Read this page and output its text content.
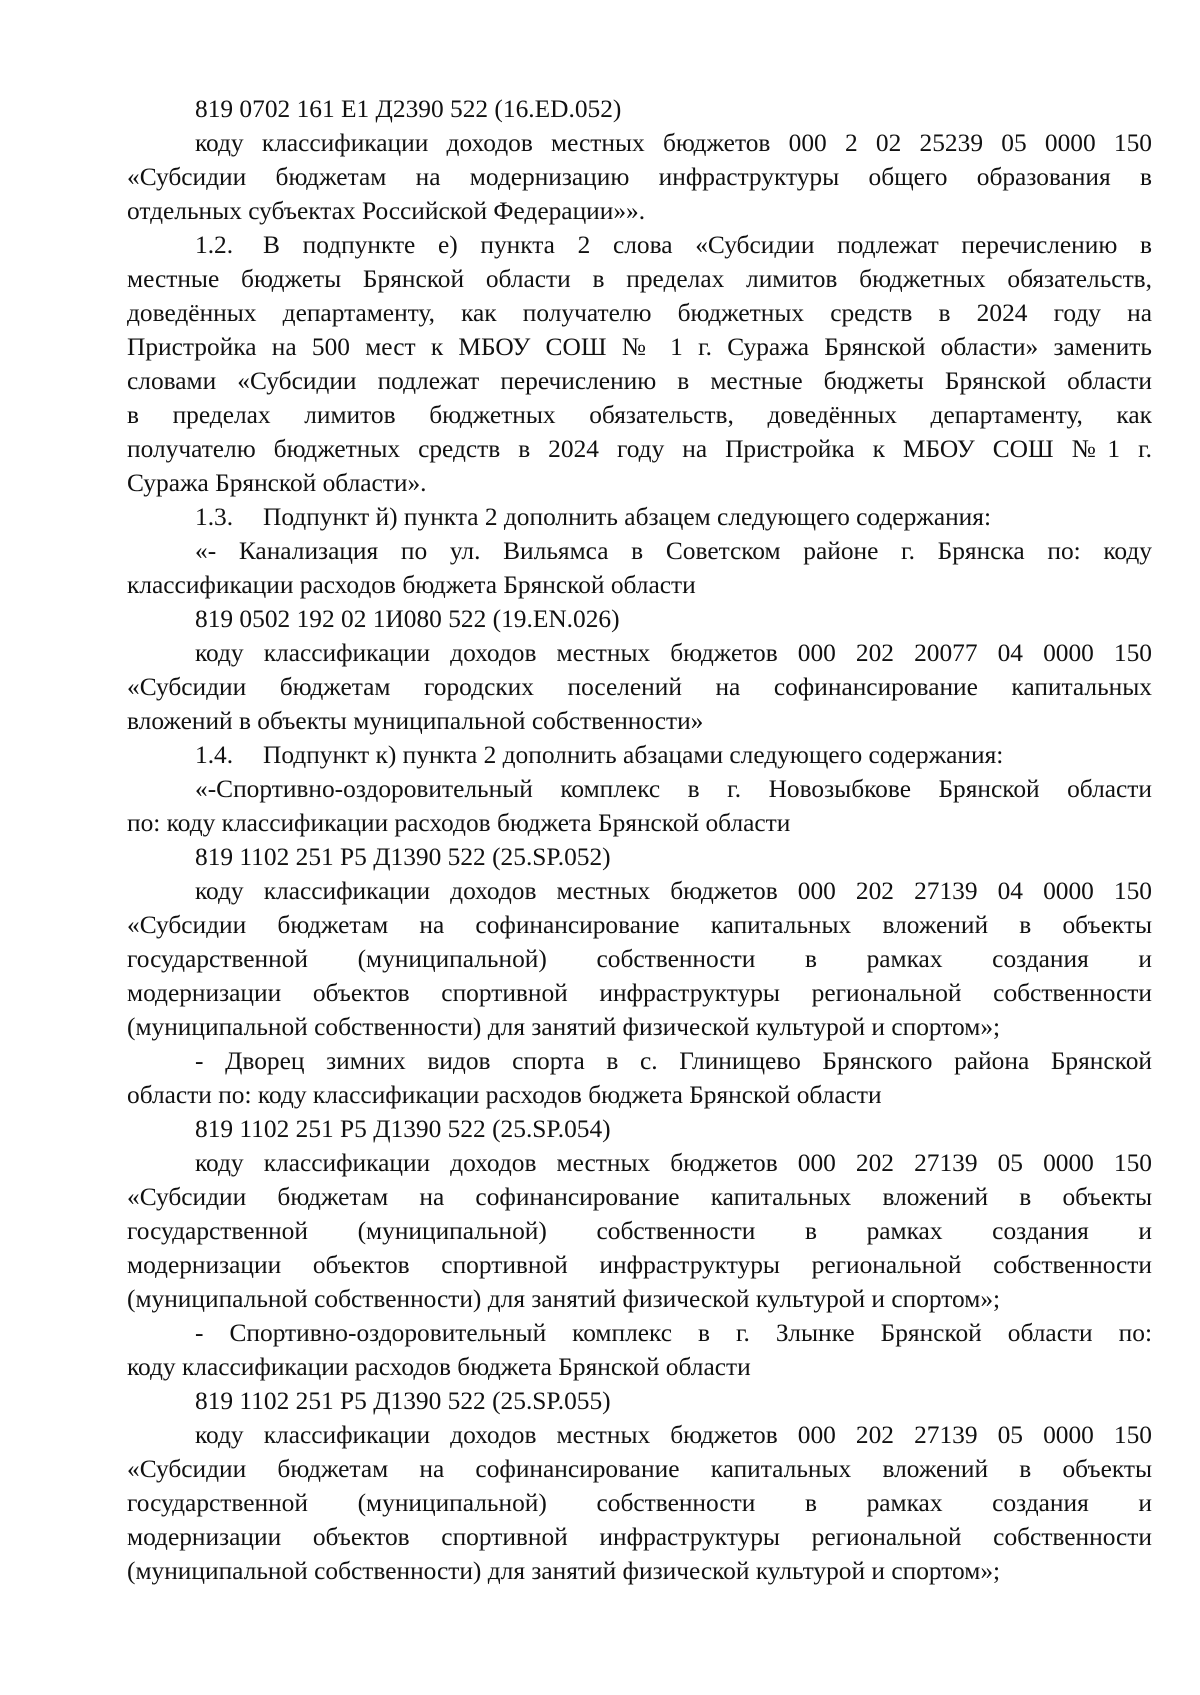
819 0702 161 Е1 Д2390 522 (16.ED.052)
коду классификации доходов местных бюджетов 000 2 02 25239 05 0000 150
«Субсидии бюджетам на модернизацию инфраструктуры общего образования в
отдельных субъектах Российской Федерации»».
1.2. В подпункте е) пункта 2 слова «Субсидии подлежат перечислению в
местные бюджеты Брянской области в пределах лимитов бюджетных обязательств,
доведённых департаменту, как получателю бюджетных средств в 2024 году на
Пристройка на 500 мест к МБОУ СОШ № 1 г. Суража Брянской области» заменить
словами «Субсидии подлежат перечислению в местные бюджеты Брянской области
в пределах лимитов бюджетных обязательств, доведённых департаменту, как
получателю бюджетных средств в 2024 году на Пристройка к МБОУ СОШ №1 г.
Суража Брянской области».
1.3. Подпункт й) пункта 2 дополнить абзацем следующего содержания:
«- Канализация по ул. Вильямса в Советском районе г. Брянска по: коду
классификации расходов бюджета Брянской области
819 0502 192 02 1И080 522 (19.EN.026)
коду классификации доходов местных бюджетов 000 202 20077 04 0000 150
«Субсидии бюджетам городских поселений на софинансирование капитальных
вложений в объекты муниципальной собственности»
1.4. Подпункт к) пункта 2 дополнить абзацами следующего содержания:
«-Спортивно-оздоровительный комплекс в г. Новозыбкове Брянской области
по: коду классификации расходов бюджета Брянской области
819 1102 251 Р5 Д1390 522 (25.SP.052)
коду классификации доходов местных бюджетов 000 202 27139 04 0000 150
«Субсидии бюджетам на софинансирование капитальных вложений в объекты
государственной (муниципальной) собственности в рамках создания и
модернизации объектов спортивной инфраструктуры региональной собственности
(муниципальной собственности) для занятий физической культурой и спортом»;
- Дворец зимних видов спорта в с. Глинищево Брянского района Брянской
области по: коду классификации расходов бюджета Брянской области
819 1102 251 Р5 Д1390 522 (25.SP.054)
коду классификации доходов местных бюджетов 000 202 27139 05 0000 150
«Субсидии бюджетам на софинансирование капитальных вложений в объекты
государственной (муниципальной) собственности в рамках создания и
модернизации объектов спортивной инфраструктуры региональной собственности
(муниципальной собственности) для занятий физической культурой и спортом»;
- Спортивно-оздоровительный комплекс в г. Злынке Брянской области по:
коду классификации расходов бюджета Брянской области
819 1102 251 Р5 Д1390 522 (25.SP.055)
коду классификации доходов местных бюджетов 000 202 27139 05 0000 150
«Субсидии бюджетам на софинансирование капитальных вложений в объекты
государственной (муниципальной) собственности в рамках создания и
модернизации объектов спортивной инфраструктуры региональной собственности
(муниципальной собственности) для занятий физической культурой и спортом»;
